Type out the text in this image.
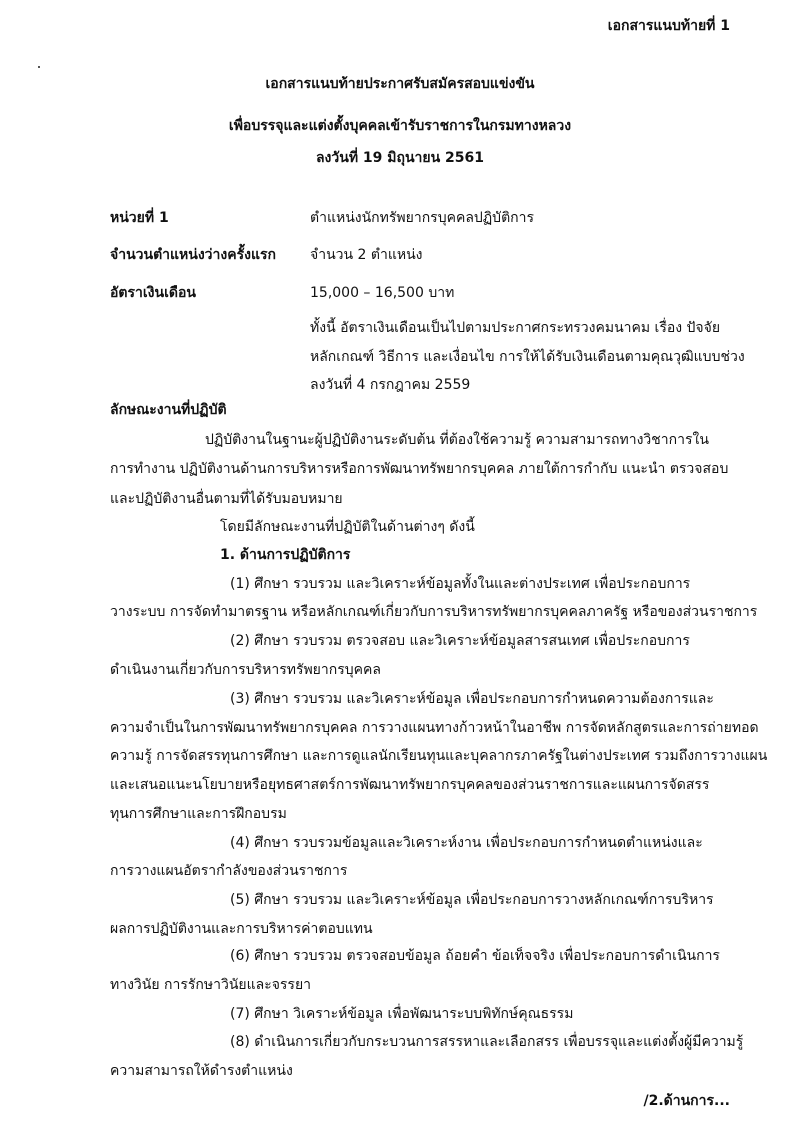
เอกสารแนบท้ายที่ 1
เอกสารแนบท้ายประกาศรับสมัครสอบแข่งขัน
เพื่อบรรจุและแต่งตั้งบุคคลเข้ารับราชการในกรมทางหลวง
ลงวันที่ 19 มิถุนายน 2561
หน่วยที่ 1	ตำแหน่งนักทรัพยากรบุคคลปฏิบัติการ
จำนวนตำแหน่งว่างครั้งแรก จำนวน 2 ตำแหน่ง
อัตราเงินเดือน	15,000 – 16,500 บาท
ทั้งนี้ อัตราเงินเดือนเป็นไปตามประกาศกระทรวงคมนาคม เรื่อง ปัจจัย
หลักเกณฑ์ วิธีการ และเงื่อนไข การให้ได้รับเงินเดือนตามคุณวุฒิแบบช่วง
ลงวันที่ 4 กรกฎาคม 2559
ลักษณะงานที่ปฏิบัติ
ปฏิบัติงานในฐานะผู้ปฏิบัติงานระดับต้น ที่ต้องใช้ความรู้ ความสามารถทางวิชาการใน
การทำงาน ปฏิบัติงานด้านการบริหารหรือการพัฒนาทรัพยากรบุคคล ภายใต้การกำกับ แนะนำ ตรวจสอบ
และปฏิบัติงานอื่นตามที่ได้รับมอบหมาย
โดยมีลักษณะงานที่ปฏิบัติในด้านต่างๆ ดังนี้
1. ด้านการปฏิบัติการ
(1) ศึกษา รวบรวม และวิเคราะห์ข้อมูลทั้งในและต่างประเทศ เพื่อประกอบการ
วางระบบ การจัดทำมาตรฐาน หรือหลักเกณฑ์เกี่ยวกับการบริหารทรัพยากรบุคคลภาครัฐ หรือของส่วนราชการ
(2) ศึกษา รวบรวม ตรวจสอบ และวิเคราะห์ข้อมูลสารสนเทศ เพื่อประกอบการ
ดำเนินงานเกี่ยวกับการบริหารทรัพยากรบุคคล
(3) ศึกษา รวบรวม และวิเคราะห์ข้อมูล เพื่อประกอบการกำหนดความต้องการและ
ความจำเป็นในการพัฒนาทรัพยากรบุคคล การวางแผนทางก้าวหน้าในอาชีพ การจัดหลักสูตรและการถ่ายทอด
ความรู้ การจัดสรรทุนการศึกษา และการดูแลนักเรียนทุนและบุคลากรภาครัฐในต่างประเทศ รวมถึงการวางแผน
และเสนอแนะนโยบายหรือยุทธศาสตร์การพัฒนาทรัพยากรบุคคลของส่วนราชการและแผนการจัดสรร
ทุนการศึกษาและการฝึกอบรม
(4) ศึกษา รวบรวมข้อมูลและวิเคราะห์งาน เพื่อประกอบการกำหนดตำแหน่งและ
การวางแผนอัตรากำลังของส่วนราชการ
(5) ศึกษา รวบรวม และวิเคราะห์ข้อมูล เพื่อประกอบการวางหลักเกณฑ์การบริหาร
ผลการปฏิบัติงานและการบริหารค่าตอบแทน
(6) ศึกษา รวบรวม ตรวจสอบข้อมูล ถ้อยคำ ข้อเท็จจริง เพื่อประกอบการดำเนินการ
ทางวินัย การรักษาวินัยและจรรยา
(7) ศึกษา วิเคราะห์ข้อมูล เพื่อพัฒนาระบบพิทักษ์คุณธรรม
(8) ดำเนินการเกี่ยวกับกระบวนการสรรหาและเลือกสรร เพื่อบรรจุและแต่งตั้งผู้มีความรู้
ความสามารถให้ดำรงตำแหน่ง
/2.ด้านการ...
